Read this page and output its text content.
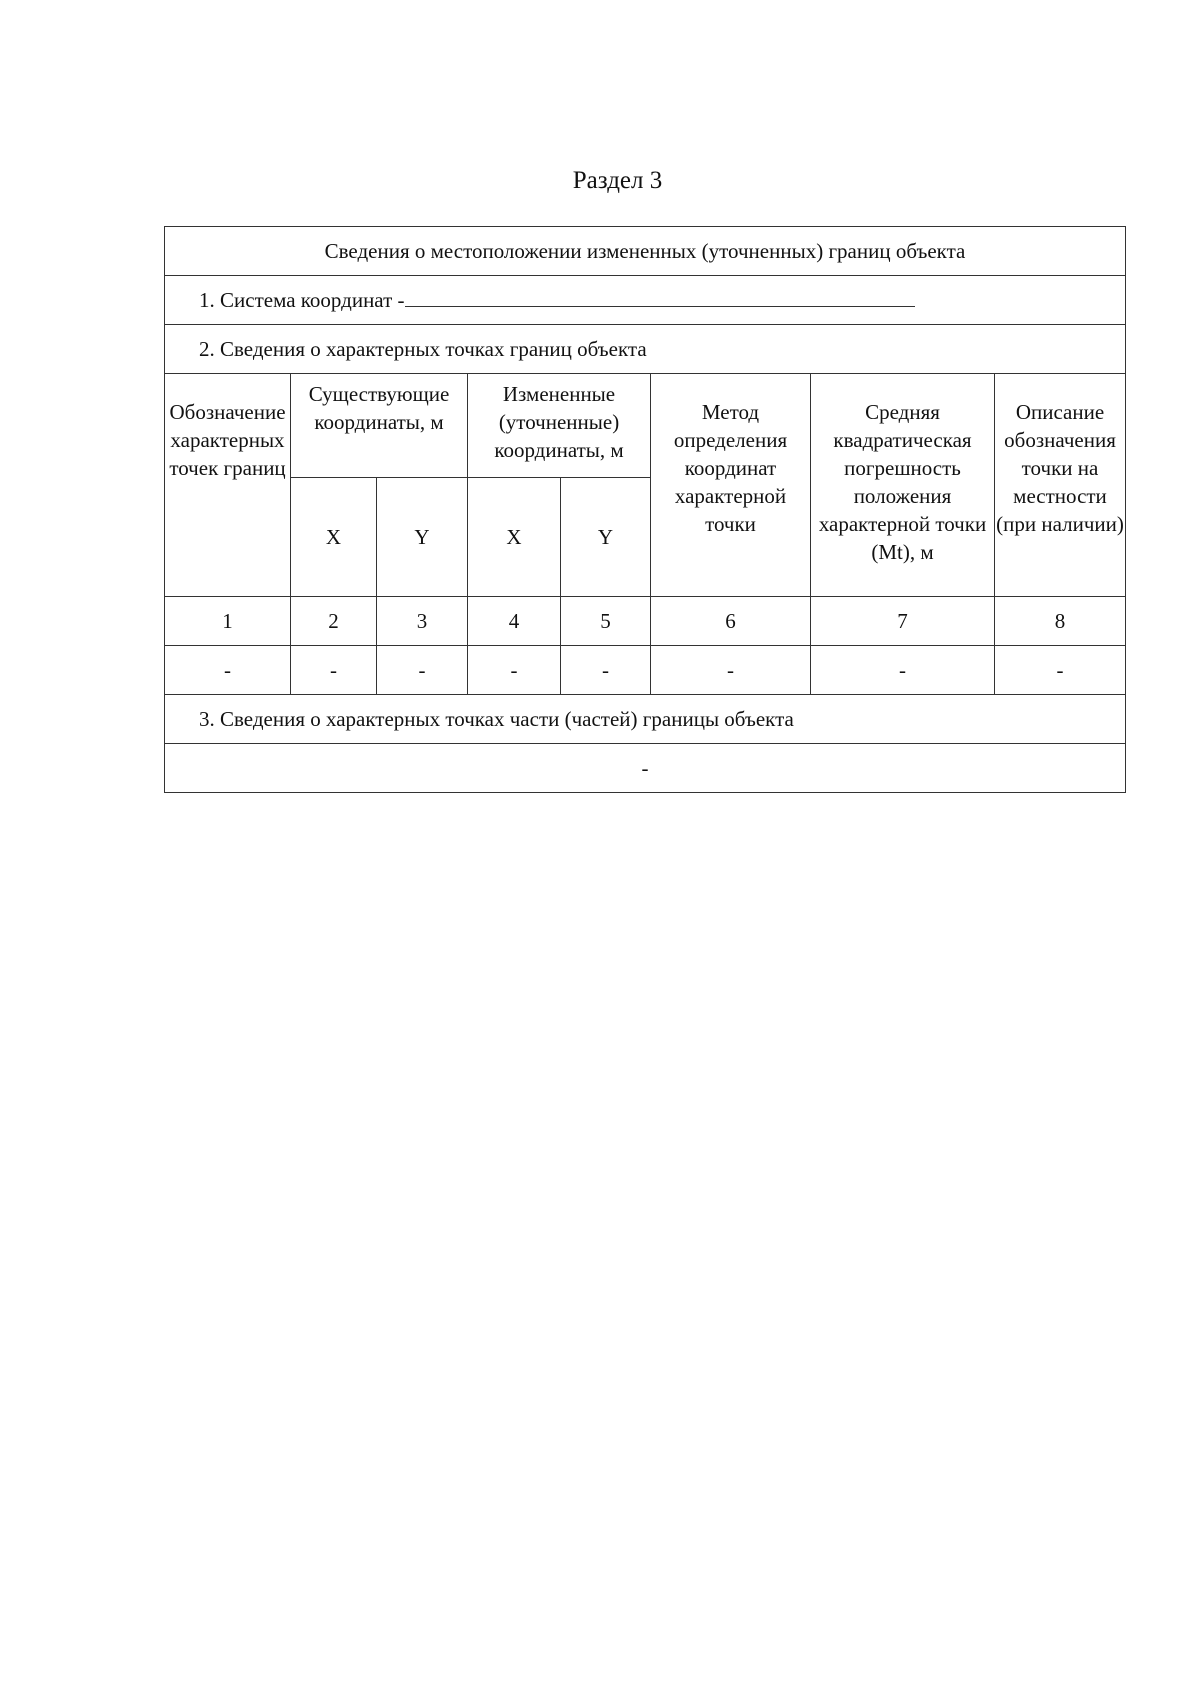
Раздел 3
Сведения о местоположении измененных (уточненных) границ объекта							
1. Система координат -							
2. Сведения о характерных точках границ объекта							
Обозначение характерных точек границ	Существующие координаты, м		Измененные (уточненные) координаты, м		Метод определения координат характерной точки	Средняя квадратическая погрешность положения характерной точки (Mt), м	Описание обозначения точки на местности (при наличии)
	X	Y	X	Y			
1	2	3	4	5	6	7	8
-	-	-	-	-	-	-	-
3. Сведения о характерных точках части (частей) границы объекта							
-							
